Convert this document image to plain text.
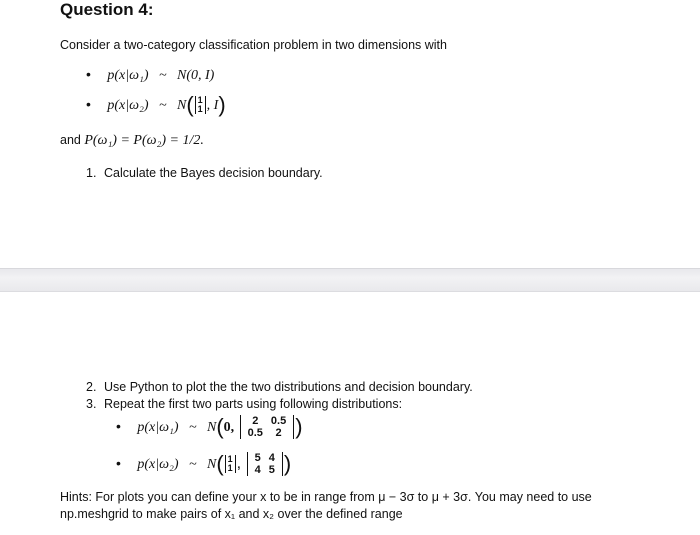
Question 4:
Consider a two-category classification problem in two dimensions with
• p(x|ω₁) ~ N(0, I)
• p(x|ω₂) ~ N( 1
1 , I)
and P(ω₁) = P(ω₂) = 1/2.
1. Calculate the Bayes decision boundary.
2. Use Python to plot the the two distributions and decision boundary.
3. Repeat the first two parts using following distributions:
• p(x|ω₁) ~ N(0, 2	0.5
0.5	2 )
• p(x|ω₂) ~ N( 1
1 , 5	4
4	5 )
Hints: For plots you can define your x to be in range from μ − 3σ to μ + 3σ. You may need to use
np.meshgrid to make pairs of x₁ and x₂ over the defined range
